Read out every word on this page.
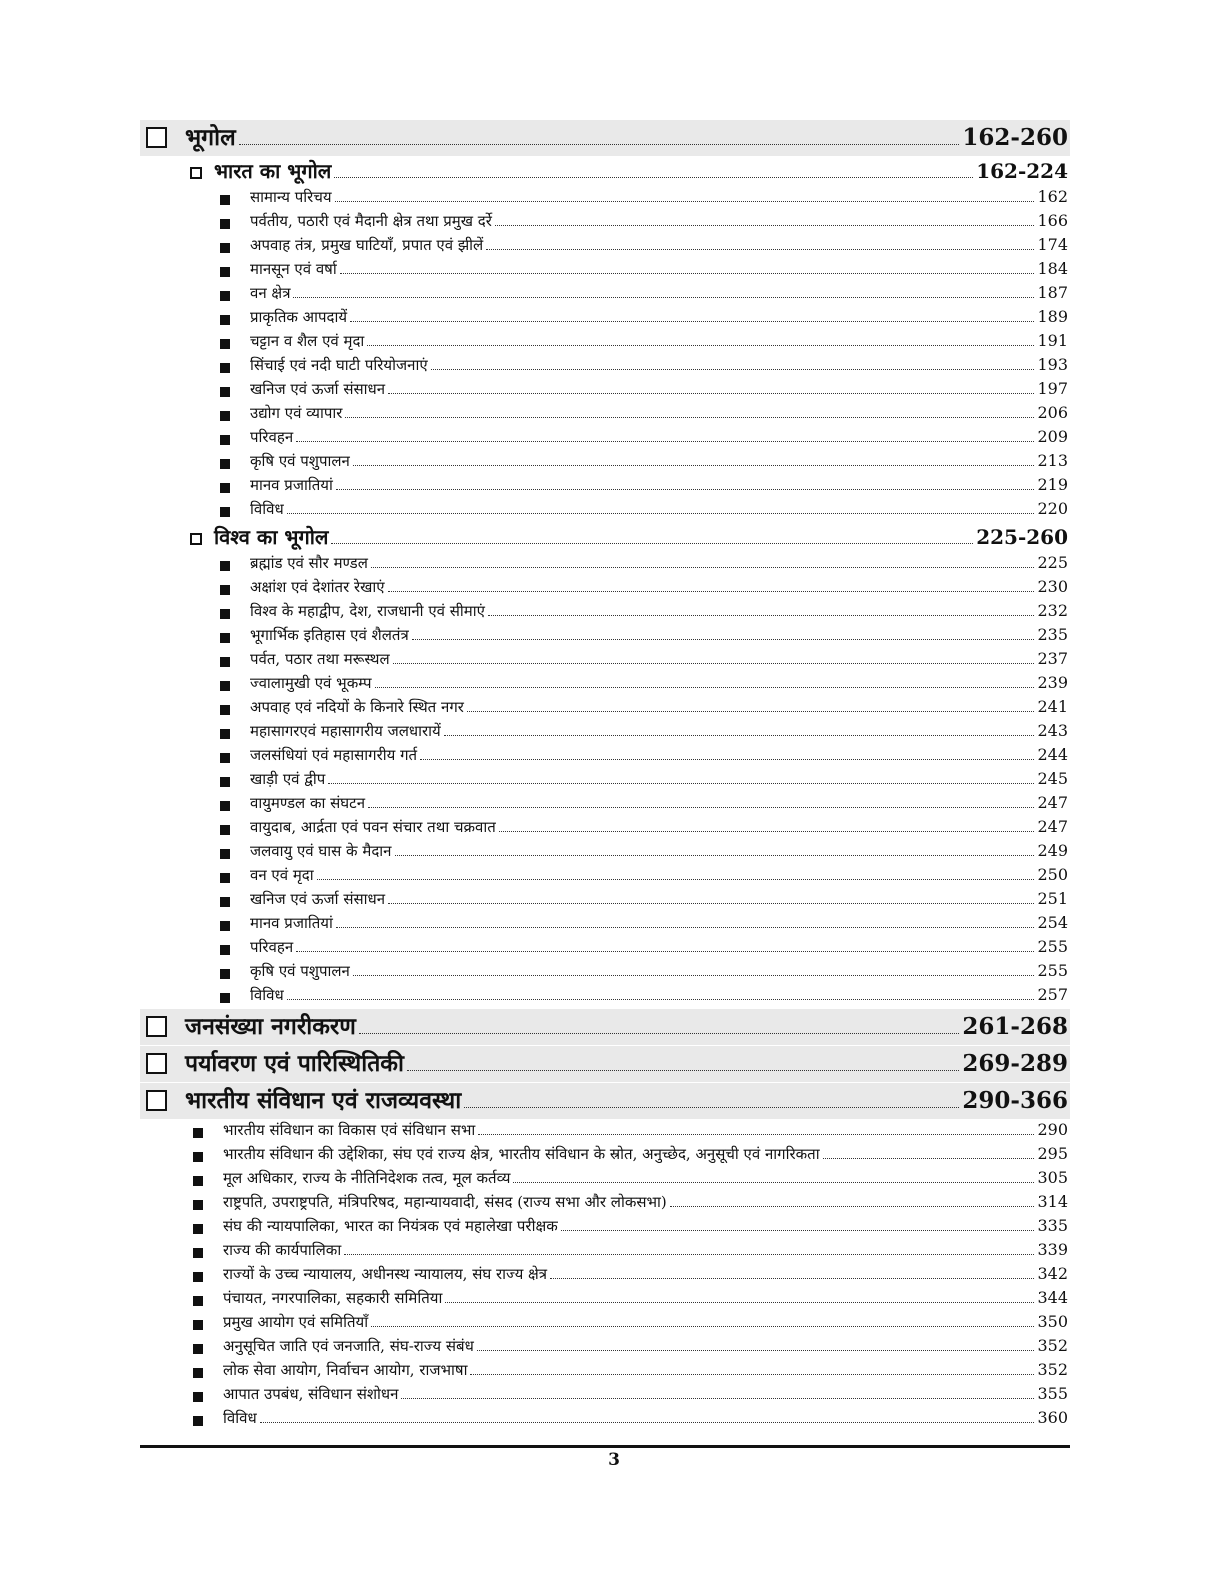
भूगोल	162-260
भारत का भूगोल	162-224
सामान्य परिचय	162
पर्वतीय, पठारी एवं मैदानी क्षेत्र तथा प्रमुख दर्रे	166
अपवाह तंत्र, प्रमुख घाटियाँ, प्रपात एवं झीलें	174
मानसून एवं वर्षा	184
वन क्षेत्र	187
प्राकृतिक आपदायें	189
चट्टान व शैल एवं मृदा	191
सिंचाई एवं नदी घाटी परियोजनाएं	193
खनिज एवं ऊर्जा संसाधन	197
उद्योग एवं व्यापार	206
परिवहन	209
कृषि एवं पशुपालन	213
मानव प्रजातियां	219
विविध	220
विश्व का भूगोल	225-260
ब्रह्मांड एवं सौर मण्डल	225
अक्षांश एवं देशांतर रेखाएं	230
विश्व के महाद्वीप, देश, राजधानी एवं सीमाएं	232
भूगार्भिक इतिहास एवं शैलतंत्र	235
पर्वत, पठार तथा मरूस्थल	237
ज्वालामुखी एवं भूकम्प	239
अपवाह एवं नदियों के किनारे स्थित नगर	241
महासागरएवं महासागरीय जलधारायें	243
जलसंधियां एवं महासागरीय गर्त	244
खाड़ी एवं द्वीप	245
वायुमण्डल का संघटन	247
वायुदाब, आर्द्रता एवं पवन संचार तथा चक्रवात	247
जलवायु एवं घास के मैदान	249
वन एवं मृदा	250
खनिज एवं ऊर्जा संसाधन	251
मानव प्रजातियां	254
परिवहन	255
कृषि एवं पशुपालन	255
विविध	257
जनसंख्या नगरीकरण	261-268
पर्यावरण एवं पारिस्थितिकी	269-289
भारतीय संविधान एवं राजव्यवस्था	290-366
भारतीय संविधान का विकास एवं संविधान सभा	290
भारतीय संविधान की उद्देशिका, संघ एवं राज्य क्षेत्र, भारतीय संविधान के स्रोत, अनुच्छेद, अनुसूची एवं नागरिकता	295
मूल अधिकार, राज्य के नीतिनिदेशक तत्व, मूल कर्तव्य	305
राष्ट्रपति, उपराष्ट्रपति, मंत्रिपरिषद, महान्यायवादी, संसद (राज्य सभा और लोकसभा)	314
संघ की न्यायपालिका, भारत का नियंत्रक एवं महालेखा परीक्षक	335
राज्य की कार्यपालिका	339
राज्यों के उच्च न्यायालय, अधीनस्थ न्यायालय, संघ राज्य क्षेत्र	342
पंचायत, नगरपालिका, सहकारी समितिया	344
प्रमुख आयोग एवं समितियाँ	350
अनुसूचित जाति एवं जनजाति, संघ-राज्य संबंध	352
लोक सेवा आयोग, निर्वाचन आयोग, राजभाषा	352
आपात उपबंध, संविधान संशोधन	355
विविध	360
3
